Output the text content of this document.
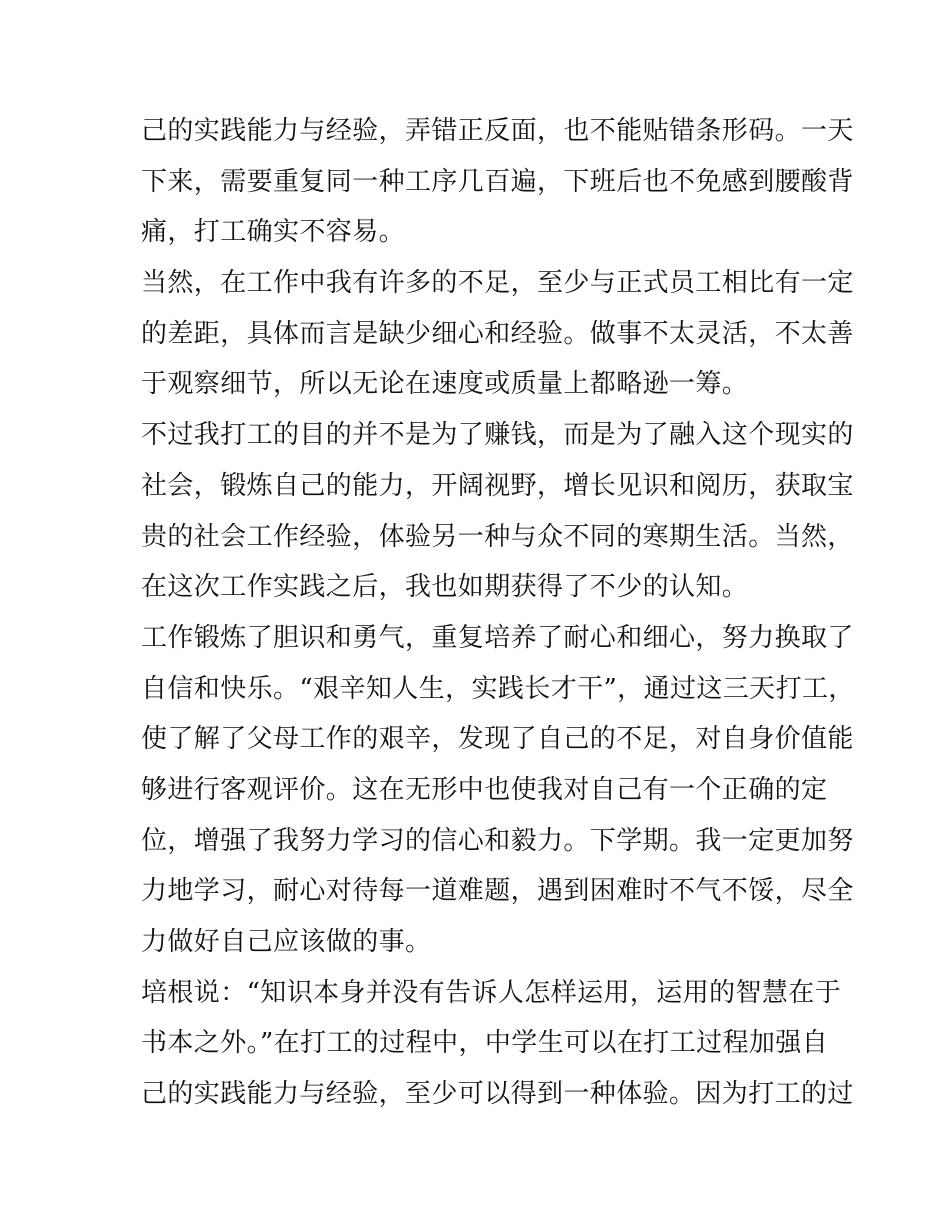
己的实践能力与经验，弄错正反面，也不能贴错条形码。一天
下来，需要重复同一种工序几百遍，下班后也不免感到腰酸背
痛，打工确实不容易。
当然，在工作中我有许多的不足，至少与正式员工相比有一定
的差距，具体而言是缺少细心和经验。做事不太灵活，不太善
于观察细节，所以无论在速度或质量上都略逊一筹。
不过我打工的目的并不是为了赚钱，而是为了融入这个现实的
社会，锻炼自己的能力，开阔视野，增长见识和阅历，获取宝
贵的社会工作经验，体验另一种与众不同的寒期生活。当然，
在这次工作实践之后，我也如期获得了不少的认知。
工作锻炼了胆识和勇气，重复培养了耐心和细心，努力换取了
自信和快乐。“艰辛知人生，实践长才干”，通过这三天打工，
使了解了父母工作的艰辛，发现了自己的不足，对自身价值能
够进行客观评价。这在无形中也使我对自己有一个正确的定
位，增强了我努力学习的信心和毅力。下学期。我一定更加努
力地学习，耐心对待每一道难题，遇到困难时不气不馁，尽全
力做好自己应该做的事。
培根说：“知识本身并没有告诉人怎样运用，运用的智慧在于
书本之外。”在打工的过程中，中学生可以在打工过程加强自
己的实践能力与经验，至少可以得到一种体验。因为打工的过
